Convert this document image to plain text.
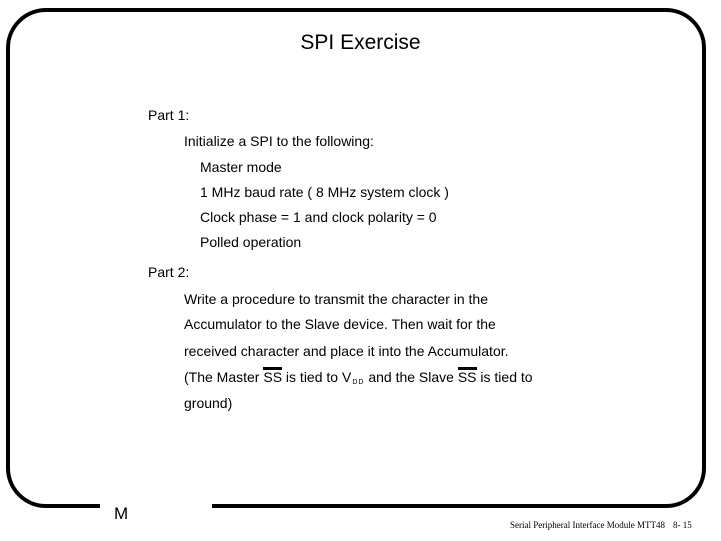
SPI Exercise

Part 1:

Initialize a SPI to the following:

Master mode

1 MHz baud rate ( 8 MHz system clock )

Clock phase = 1 and clock polarity = 0

Polled operation

Part 2:

Write a procedure to transmit the character in the

Accumulator to the Slave device. Then wait for the

received character and place it into the Accumulator.

(The Master SS is tied to $V_{DD}$ and the Slave SS is tied to

ground)

M
Serial Peripheral Interface Module MTT48 8- 15
